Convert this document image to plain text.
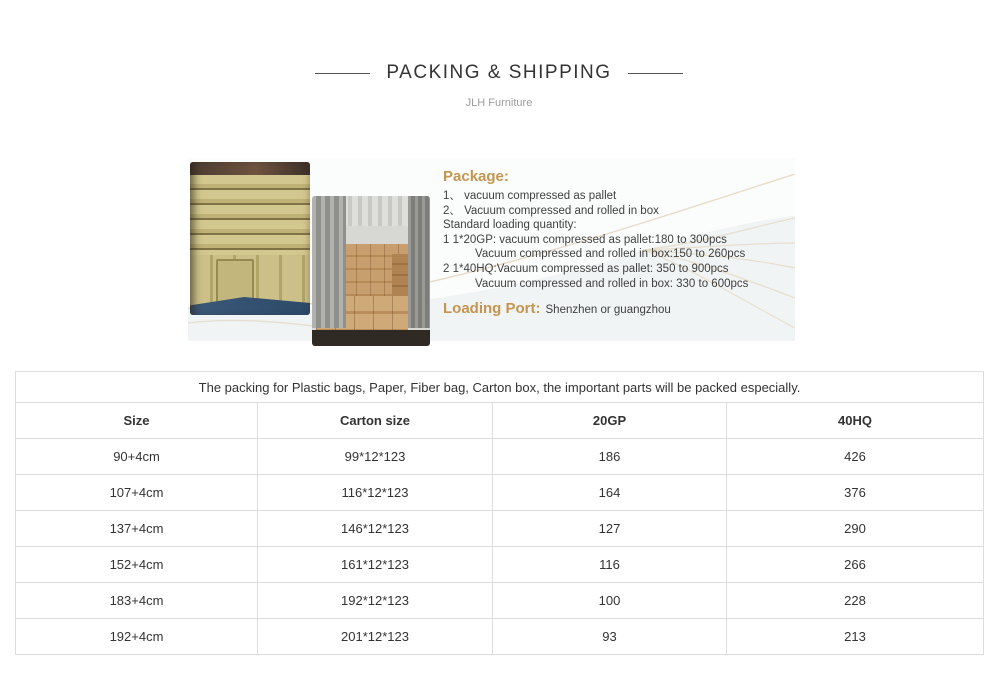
PACKING & SHIPPING
JLH Furniture
Package:
1、 vacuum compressed as pallet
2、 Vacuum compressed and rolled in box
Standard loading quantity:
1 1*20GP: vacuum compressed as pallet:180 to 300pcs
Vacuum compressed and rolled in box:150 to 260pcs
2 1*40HQ:Vacuum compressed as pallet: 350 to 900pcs
Vacuum compressed and rolled in box: 330 to 600pcs
Loading Port: Shenzhen or guangzhou
The packing for Plastic bags, Paper, Fiber bag, Carton box, the important parts will be packed especially.			
Size	Carton size	20GP	40HQ
90+4cm	99*12*123	186	426
107+4cm	116*12*123	164	376
137+4cm	146*12*123	127	290
152+4cm	161*12*123	116	266
183+4cm	192*12*123	100	228
192+4cm	201*12*123	93	213
